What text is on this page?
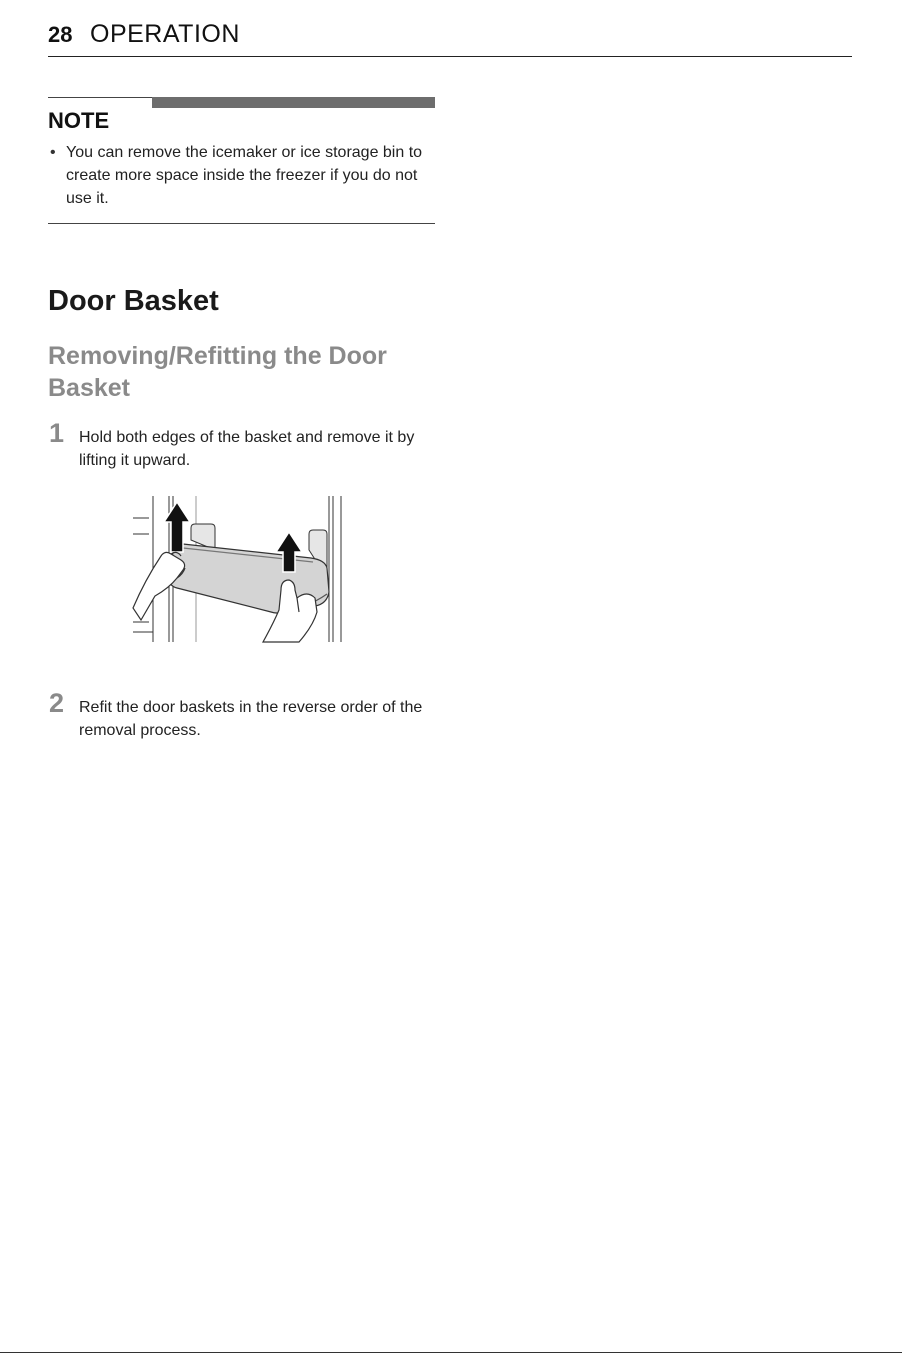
28 OPERATION
NOTE
• You can remove the icemaker or ice storage bin to create more space inside the freezer if you do not use it.
Door Basket
Removing/Refitting the Door Basket
1 Hold both edges of the basket and remove it by lifting it upward.
2 Refit the door baskets in the reverse order of the removal process.
